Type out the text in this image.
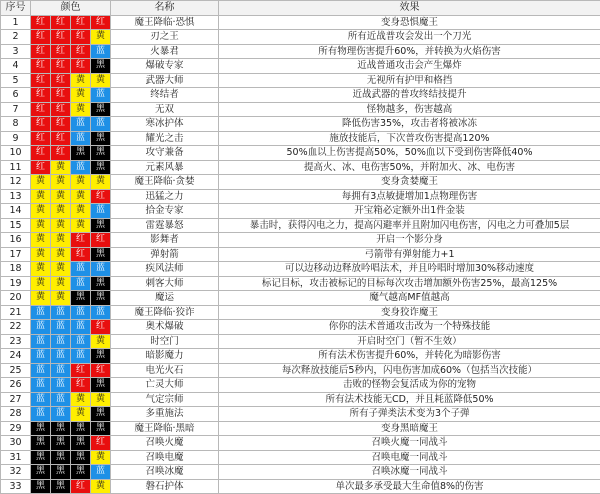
序号	颜色				名称	效果
1	红	红	红	红	魔王降临·恐惧	变身恐惧魔王
2	红	红	红	黄	刃之王	所有近战普攻会发出一个刀光
3	红	红	红	蓝	火暴君	所有物理伤害提升60%，并转换为火焰伤害
4	红	红	红	黑	爆破专家	近战普通攻击会产生爆炸
5	红	红	黄	黄	武器大师	无视所有护甲和格挡
6	红	红	黄	蓝	终结者	近战武器的普攻终结技提升
7	红	红	黄	黑	无双	怪物越多，伤害越高
8	红	红	蓝	蓝	寒冰护体	降低伤害35%，攻击者将被冰冻
9	红	红	蓝	黑	耀光之击	施放技能后，下次普攻伤害提高120%
10	红	红	黑	黑	攻守兼备	50%血以上伤害提高50%，50%血以下受到伤害降低40%
11	红	黄	蓝	黑	元素风暴	提高火、冰、电伤害50%，并附加火、冰、电伤害
12	黄	黄	黄	黄	魔王降临·贪婪	变身贪婪魔王
13	黄	黄	黄	红	迅猛之力	每拥有3点敏捷增加1点物理伤害
14	黄	黄	黄	蓝	拾金专家	开宝箱必定额外出1件金装
15	黄	黄	黄	黑	雷霆暴怒	暴击时，获得闪电之力，提高闪避率并且附加闪电伤害，闪电之力可叠加5层
16	黄	黄	红	红	影舞者	开启一个影分身
17	黄	黄	红	黑	弹射箭	弓箭带有弹射能力+1
18	黄	黄	蓝	蓝	疾风法师	可以边移动边释放吟唱法术，并且吟唱时增加30%移动速度
19	黄	黄	蓝	黑	刺客大师	标记目标，攻击被标记的目标每次攻击增加额外伤害25%，最高125%
20	黄	黄	黑	黑	魔运	魔气越高MF值越高
21	蓝	蓝	蓝	蓝	魔王降临·狡诈	变身狡诈魔王
22	蓝	蓝	蓝	红	奥术爆破	你你的法术普通攻击改为一个特殊技能
23	蓝	蓝	蓝	黄	时空门	开启时空门（暂不生效）
24	蓝	蓝	蓝	黑	暗影魔力	所有法术伤害提升60%，并转化为暗影伤害
25	蓝	蓝	红	红	电光火石	每次释放技能后5秒内，闪电伤害加成60%（包括当次技能）
26	蓝	蓝	红	黑	亡灵大师	击败的怪物会复活成为你的宠物
27	蓝	蓝	黄	黄	气定宗师	所有法术技能无CD，并且耗蓝降低50%
28	蓝	蓝	黄	黑	多重施法	所有子弹类法术变为3个子弹
29	黑	黑	黑	黑	魔王降临·黑暗	变身黑暗魔王
30	黑	黑	黑	红	召唤火魔	召唤火魔一同战斗
31	黑	黑	黑	黄	召唤电魔	召唤电魔一同战斗
32	黑	黑	黑	蓝	召唤冰魔	召唤冰魔一同战斗
33	黑	黑	红	黄	磐石护体	单次最多承受最大生命值8%的伤害
